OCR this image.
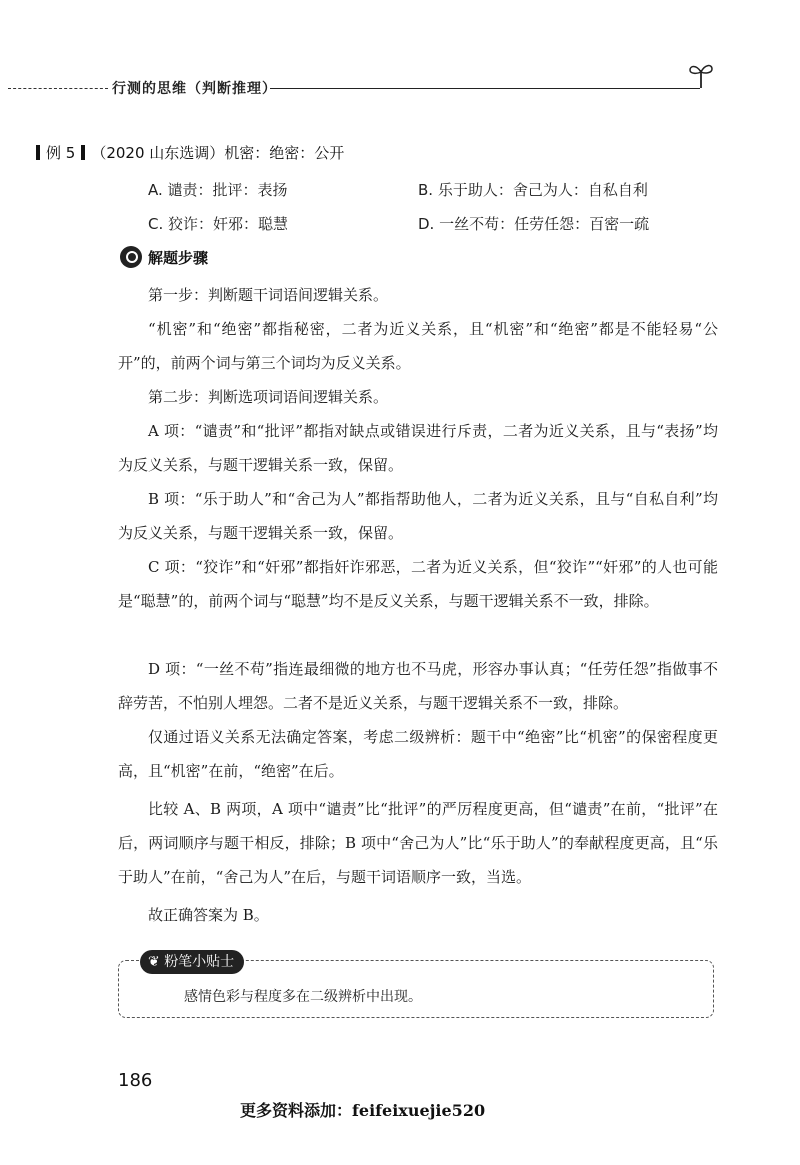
行测的思维（判断推理）
例 5 （2020 山东选调）机密：绝密：公开
A. 谴责：批评：表扬	B. 乐于助人：舍己为人：自私自利
C. 狡诈：奸邪：聪慧	D. 一丝不苟：任劳任怨：百密一疏
解题步骤
第一步：判断题干词语间逻辑关系。
“机密”和“绝密”都指秘密，二者为近义关系，且“机密”和“绝密”都是不能轻易“公开”的，前两个词与第三个词均为反义关系。
第二步：判断选项词语间逻辑关系。
A 项：“谴责”和“批评”都指对缺点或错误进行斥责，二者为近义关系，且与“表扬”均为反义关系，与题干逻辑关系一致，保留。
B 项：“乐于助人”和“舍己为人”都指帮助他人，二者为近义关系，且与“自私自利”均为反义关系，与题干逻辑关系一致，保留。
C 项：“狡诈”和“奸邪”都指奸诈邪恶，二者为近义关系，但“狡诈”“奸邪”的人也可能是“聪慧”的，前两个词与“聪慧”均不是反义关系，与题干逻辑关系不一致，排除。
D 项：“一丝不苟”指连最细微的地方也不马虎，形容办事认真；“任劳任怨”指做事不辞劳苦，不怕别人埋怨。二者不是近义关系，与题干逻辑关系不一致，排除。
仅通过语义关系无法确定答案，考虑二级辨析：题干中“绝密”比“机密”的保密程度更高，且“机密”在前，“绝密”在后。
比较 A、B 两项，A 项中“谴责”比“批评”的严厉程度更高，但“谴责”在前，“批评”在后，两词顺序与题干相反，排除；B 项中“舍己为人”比“乐于助人”的奉献程度更高，且“乐于助人”在前，“舍己为人”在后，与题干词语顺序一致，当选。
故正确答案为 B。
❦ 粉笔小贴士
感情色彩与程度多在二级辨析中出现。
186
更多资料添加：feifeixuejie520
